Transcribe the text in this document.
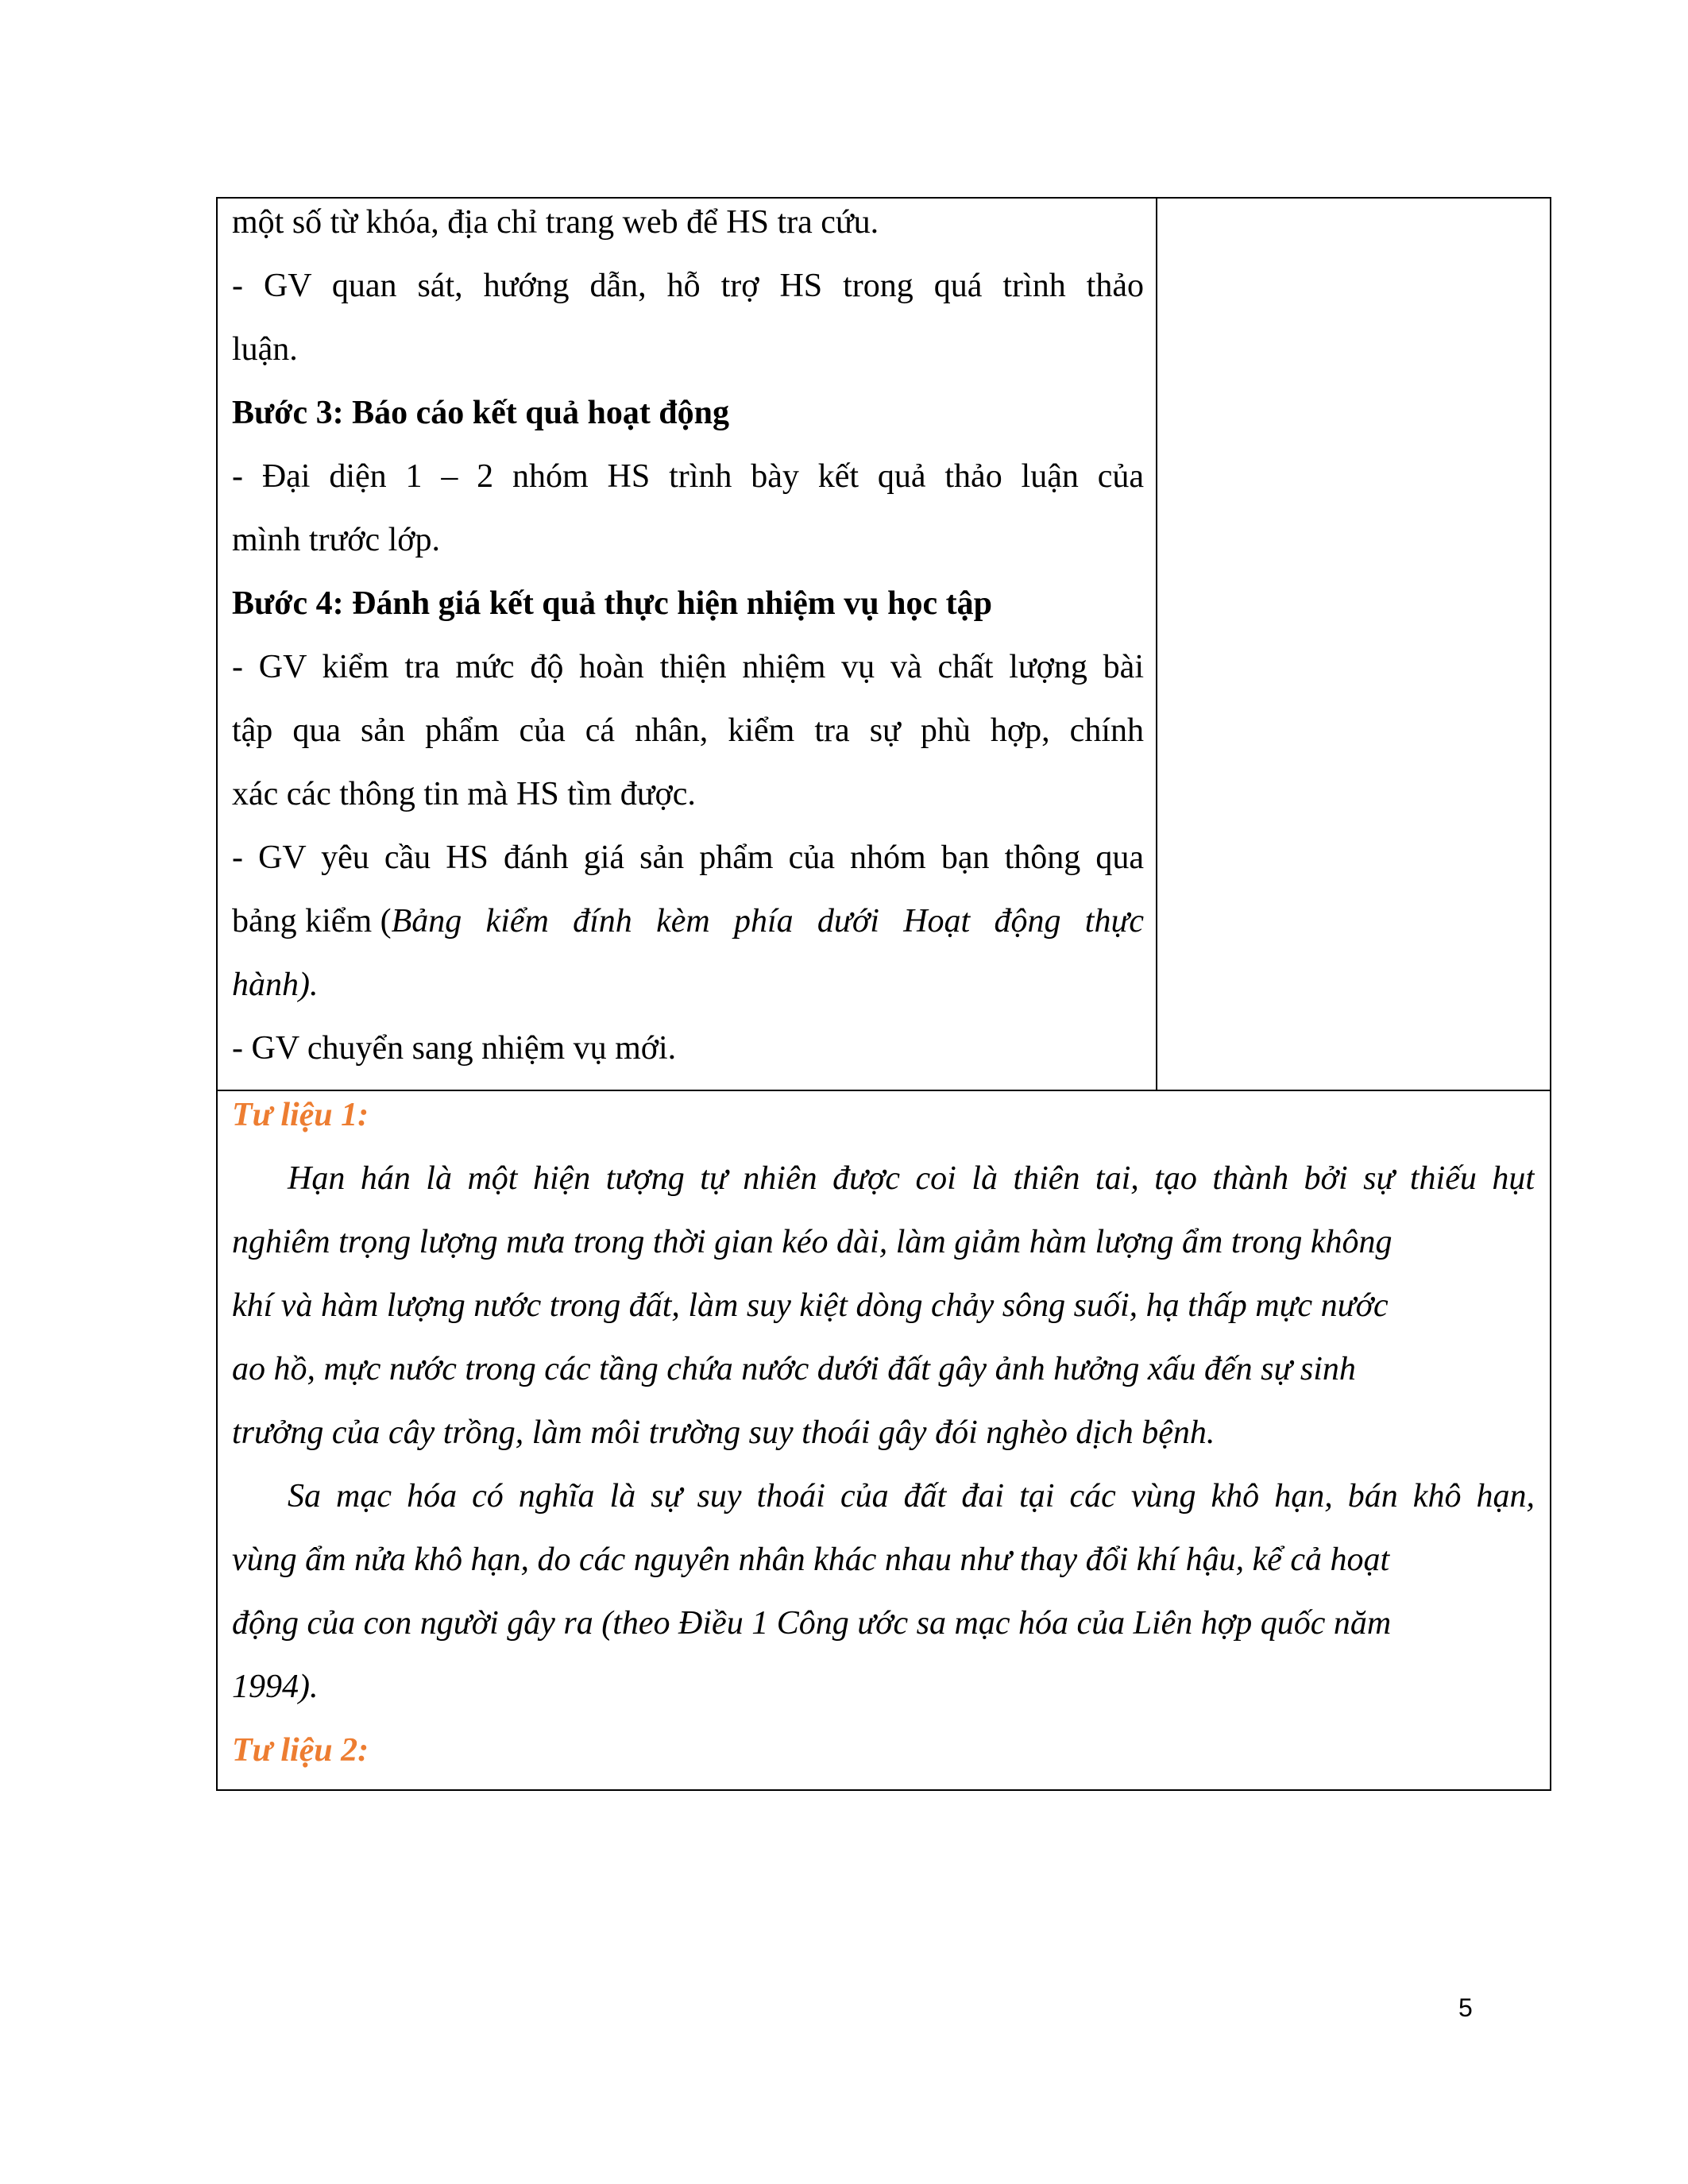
một số từ khóa, địa chỉ trang web để HS tra cứu.
- GV quan sát, hướng dẫn, hỗ trợ HS trong quá trình thảo
luận.
Bước 3: Báo cáo kết quả hoạt động
- Đại diện 1 – 2 nhóm HS trình bày kết quả thảo luận của
mình trước lớp.
Bước 4: Đánh giá kết quả thực hiện nhiệm vụ học tập
- GV kiểm tra mức độ hoàn thiện nhiệm vụ và chất lượng bài
tập qua sản phẩm của cá nhân, kiểm tra sự phù hợp, chính
xác các thông tin mà HS tìm được.
- GV yêu cầu HS đánh giá sản phẩm của nhóm bạn thông qua
bảng kiểm ( Bảng kiểm đính kèm phía dưới Hoạt động thực
hành).
- GV chuyển sang nhiệm vụ mới.
Tư liệu 1:
Hạn hán là một hiện tượng tự nhiên được coi là thiên tai, tạo thành bởi sự thiếu hụt
nghiêm trọng lượng mưa trong thời gian kéo dài, làm giảm hàm lượng ẩm trong không
khí và hàm lượng nước trong đất, làm suy kiệt dòng chảy sông suối, hạ thấp mực nước
ao hồ, mực nước trong các tầng chứa nước dưới đất gây ảnh hưởng xấu đến sự sinh
trưởng của cây trồng, làm môi trường suy thoái gây đói nghèo dịch bệnh.
Sa mạc hóa có nghĩa là sự suy thoái của đất đai tại các vùng khô hạn, bán khô hạn,
vùng ẩm nửa khô hạn, do các nguyên nhân khác nhau như thay đổi khí hậu, kể cả hoạt
động của con người gây ra (theo Điều 1 Công ước sa mạc hóa của Liên hợp quốc năm
1994).
Tư liệu 2:
5
